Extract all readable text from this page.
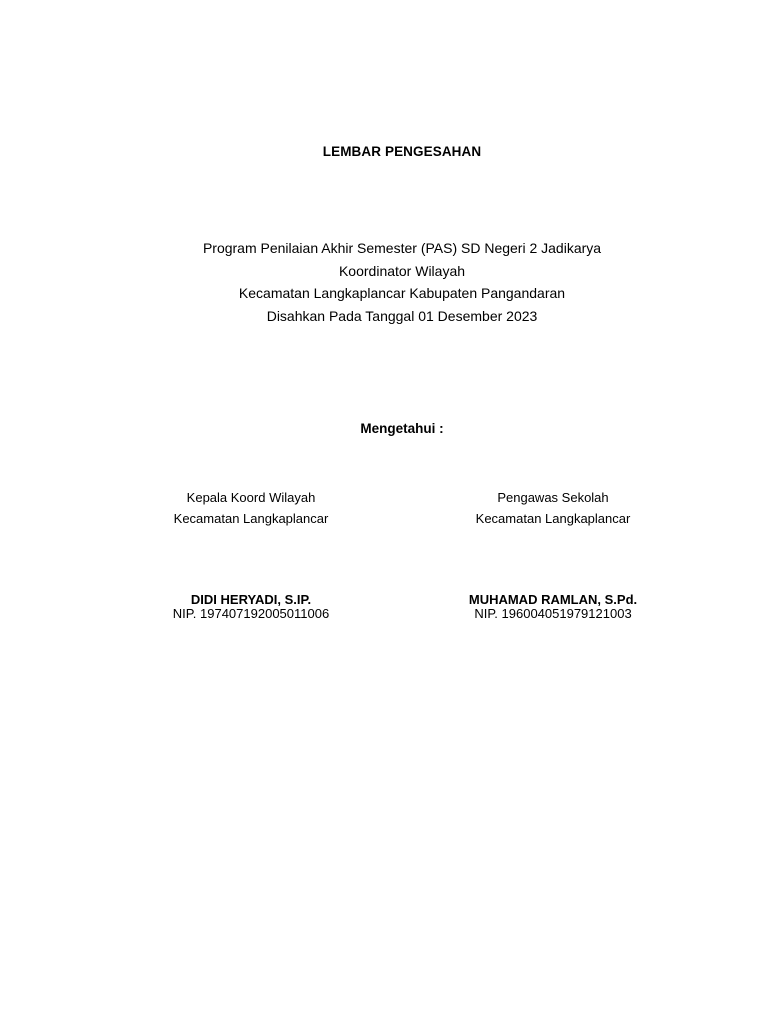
LEMBAR PENGESAHAN
Program Penilaian Akhir Semester (PAS) SD Negeri 2 Jadikarya
Koordinator Wilayah
Kecamatan Langkaplancar Kabupaten Pangandaran
Disahkan Pada Tanggal 01 Desember 2023
Mengetahui :
Kepala Koord Wilayah
Kecamatan Langkaplancar
DIDI HERYADI, S.IP.
NIP. 197407192005011006
Pengawas Sekolah
Kecamatan Langkaplancar
MUHAMAD RAMLAN, S.Pd.
NIP. 196004051979121003
